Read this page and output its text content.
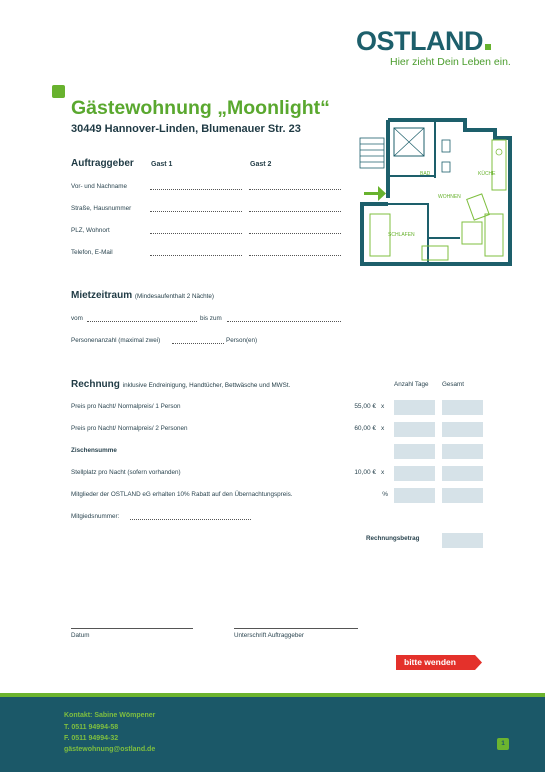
OSTLAND
Hier zieht Dein Leben ein.
Gästewohnung „Moonlight“
30449 Hannover-Linden, Blumenauer Str. 23
BAD	KÜCHE
WOHNEN
SCHLAFEN
Auftraggeber Gast 1	Gast 2
Vor- und Nachname
Straße, Hausnummer
PLZ, Wohnort
Telefon, E-Mail
Mietzeitraum (Mindesaufenthalt 2 Nächte)
vom	bis zum
Personenanzahl (maximal zwei)	Person(en)
Rechnung inklusive Endreinigung, Handtücher, Bettwäsche und MWSt.	Anzahl Tage Gesamt
Preis pro Nacht/ Normalpreis/ 1 Person	55,00 € x
Preis pro Nacht/ Normalpreis/ 2 Personen	60,00 € x
Zischensumme
Stellplatz pro Nacht (sofern vorhanden)	10,00 € x
Mitglieder der OSTLAND eG erhalten 10% Rabatt auf den Übernachtungspreis.	%
Mitgiedsnummer:
Rechnungsbetrag
Datum	Unterschrift Auftraggeber
bitte wenden
Kontakt: Sabine Wömpener
T. 0511 94994-58
F. 0511 94994-32
gästewohnung@ostland.de
1
